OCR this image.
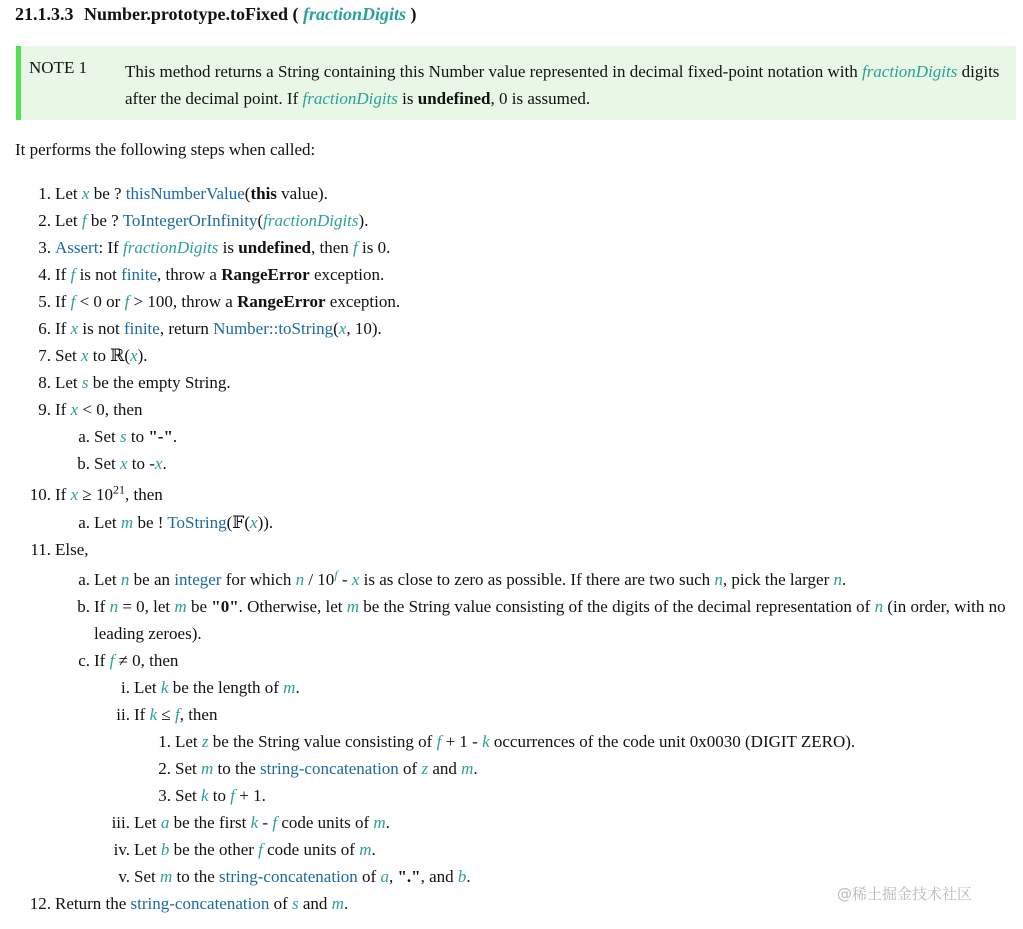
21.1.3.3 Number.prototype.toFixed ( fractionDigits )
NOTE 1 This method returns a String containing this Number value represented in decimal fixed-point notation with fractionDigits digits after the decimal point. If fractionDigits is undefined, 0 is assumed.
It performs the following steps when called:
1. Let x be ? thisNumberValue(this value).
2. Let f be ? ToIntegerOrInfinity(fractionDigits).
3. Assert: If fractionDigits is undefined, then f is 0.
4. If f is not finite, throw a RangeError exception.
5. If f < 0 or f > 100, throw a RangeError exception.
6. If x is not finite, return Number::toString(x, 10).
7. Set x to ℝ(x).
8. Let s be the empty String.
9. If x < 0, then
a. Set s to "-".
b. Set x to -x.
10. If $x \ge 10^{21}$, then
a. Let m be ! ToString(𝔽(x)).
11. Else,
a. Let n be an integer for which n / 10$^f$ - x is as close to zero as possible. If there are two such n, pick the larger n.
b. If n = 0, let m be "0". Otherwise, let m be the String value consisting of the digits of the decimal representation of n (in order, with no leading zeroes).
c. If f ≠ 0, then
i. Let k be the length of m.
ii. If k ≤ f, then
1. Let z be the String value consisting of f + 1 - k occurrences of the code unit 0x0030 (DIGIT ZERO).
2. Set m to the string-concatenation of z and m.
3. Set k to f + 1.
iii. Let a be the first k - f code units of m.
iv. Let b be the other f code units of m.
v. Set m to the string-concatenation of a, ".", and b.
12. Return the string-concatenation of s and m.	@稀土掘金技术社区
